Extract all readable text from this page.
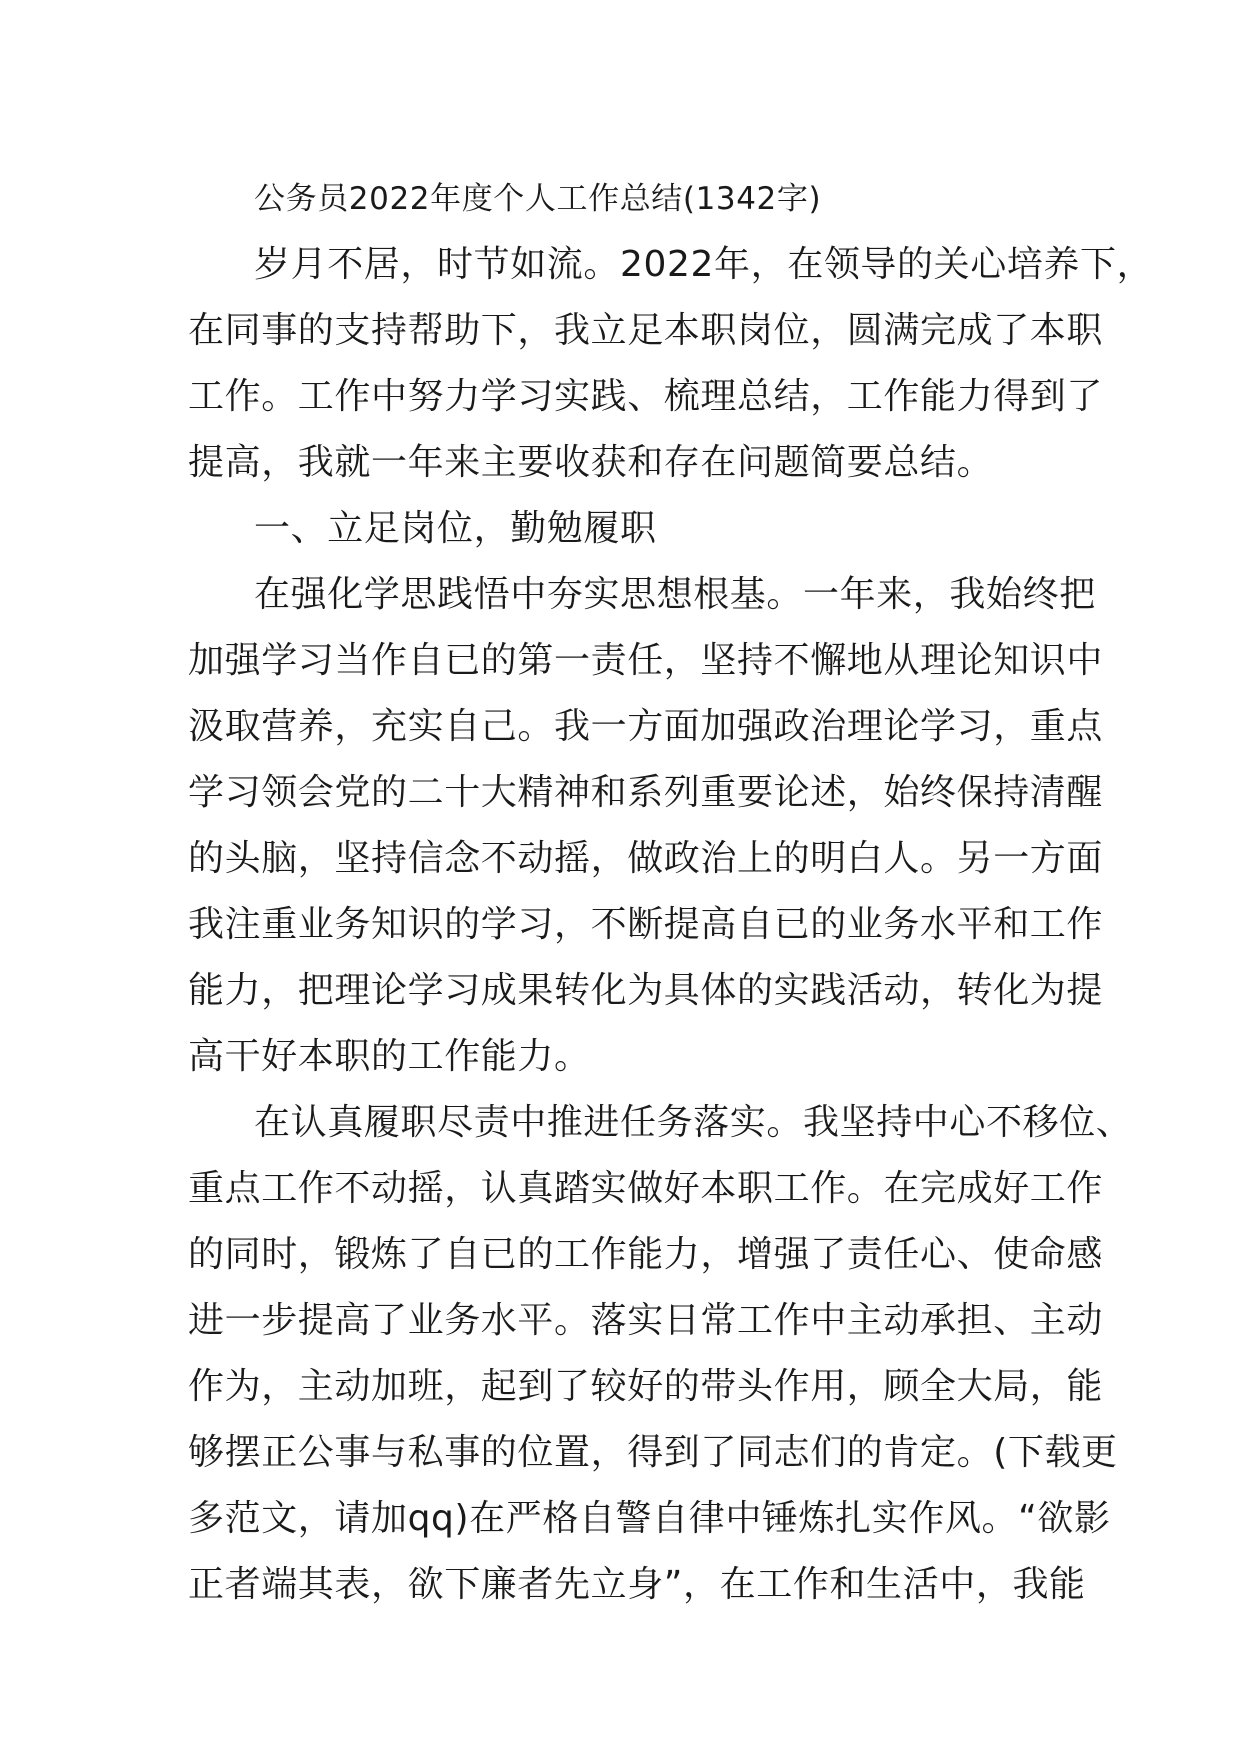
公务员2022年度个人工作总结(1342字)
岁月不居，时节如流。2022年，在领导的关心培养下，
在同事的支持帮助下，我立足本职岗位，圆满完成了本职
工作。工作中努力学习实践、梳理总结，工作能力得到了
提高，我就一年来主要收获和存在问题简要总结。
一、立足岗位，勤勉履职
在强化学思践悟中夯实思想根基。一年来，我始终把
加强学习当作自已的第一责任，坚持不懈地从理论知识中
汲取营养，充实自己。我一方面加强政治理论学习，重点
学习领会党的二十大精神和系列重要论述，始终保持清醒
的头脑，坚持信念不动摇，做政治上的明白人。另一方面
我注重业务知识的学习，不断提高自已的业务水平和工作
能力，把理论学习成果转化为具体的实践活动，转化为提
高干好本职的工作能力。
在认真履职尽责中推进任务落实。我坚持中心不移位、
重点工作不动摇，认真踏实做好本职工作。在完成好工作
的同时，锻炼了自已的工作能力，增强了责任心、使命感
进一步提高了业务水平。落实日常工作中主动承担、主动
作为，主动加班，起到了较好的带头作用，顾全大局，能
够摆正公事与私事的位置，得到了同志们的肯定。(下载更
多范文，请加qq)在严格自警自律中锤炼扎实作风。“欲影
正者端其表，欲下廉者先立身”，在工作和生活中，我能
